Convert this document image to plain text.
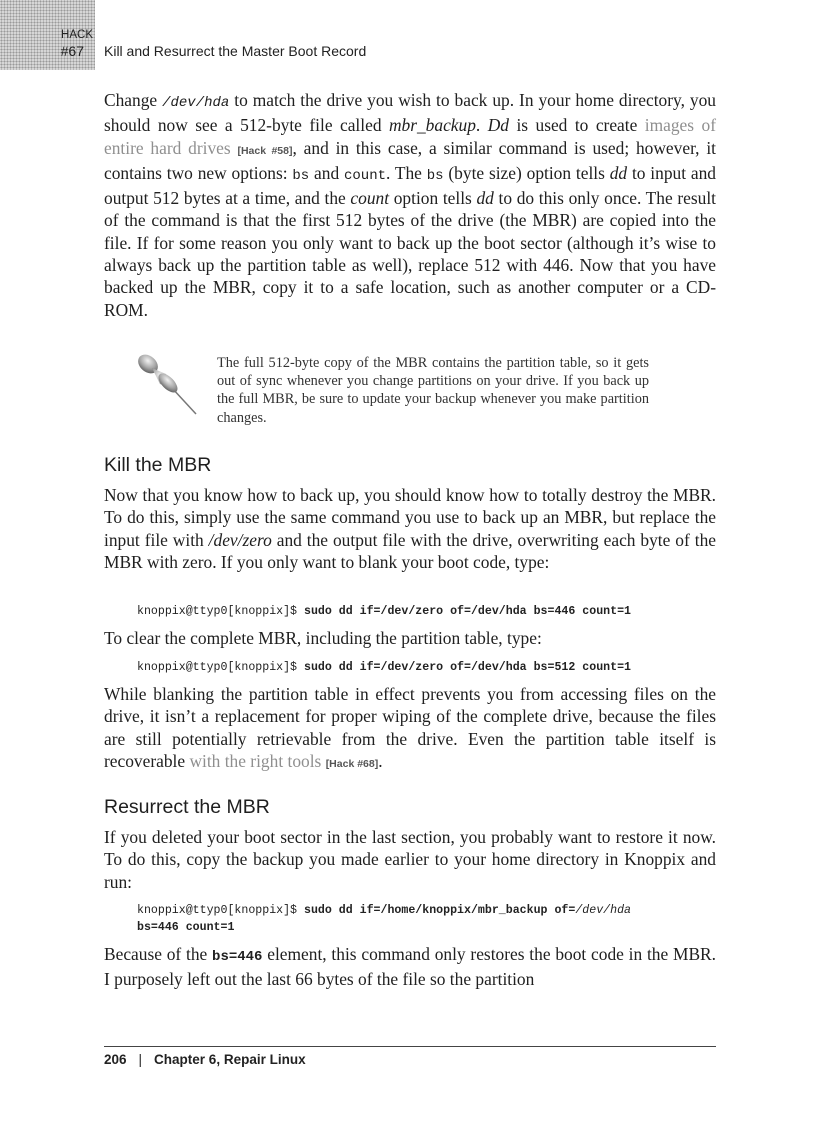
HACK
#67 Kill and Resurrect the Master Boot Record

Change /dev/hda to match the drive you wish to back up. In your home directory, you should now see a 512-byte file called mbr_backup. Dd is used to create images of entire hard drives [Hack #58], and in this case, a similar command is used; however, it contains two new options: bs and count. The bs (byte size) option tells dd to input and output 512 bytes at a time, and the count option tells dd to do this only once. The result of the command is that the first 512 bytes of the drive (the MBR) are copied into the file. If for some reason you only want to back up the boot sector (although it’s wise to always back up the partition table as well), replace 512 with 446. Now that you have backed up the MBR, copy it to a safe location, such as another computer or a CD-ROM.

The full 512-byte copy of the MBR contains the partition table, so it gets out of sync whenever you change partitions on your drive. If you back up the full MBR, be sure to update your backup whenever you make partition changes.

Kill the MBR

Now that you know how to back up, you should know how to totally destroy the MBR. To do this, simply use the same command you use to back up an MBR, but replace the input file with /dev/zero and the output file with the drive, overwriting each byte of the MBR with zero. If you only want to blank your boot code, type:

knoppix@ttyp0[knoppix]$ sudo dd if=/dev/zero of=/dev/hda bs=446 count=1

To clear the complete MBR, including the partition table, type:

knoppix@ttyp0[knoppix]$ sudo dd if=/dev/zero of=/dev/hda bs=512 count=1

While blanking the partition table in effect prevents you from accessing files on the drive, it isn’t a replacement for proper wiping of the complete drive, because the files are still potentially retrievable from the drive. Even the partition table itself is recoverable with the right tools [Hack #68].

Resurrect the MBR

If you deleted your boot sector in the last section, you probably want to restore it now. To do this, copy the backup you made earlier to your home directory in Knoppix and run:

knoppix@ttyp0[knoppix]$ sudo dd if=/home/knoppix/mbr_backup of=/dev/hda
bs=446 count=1

Because of the bs=446 element, this command only restores the boot code in the MBR. I purposely left out the last 66 bytes of the file so the partition

206 | Chapter 6, Repair Linux
